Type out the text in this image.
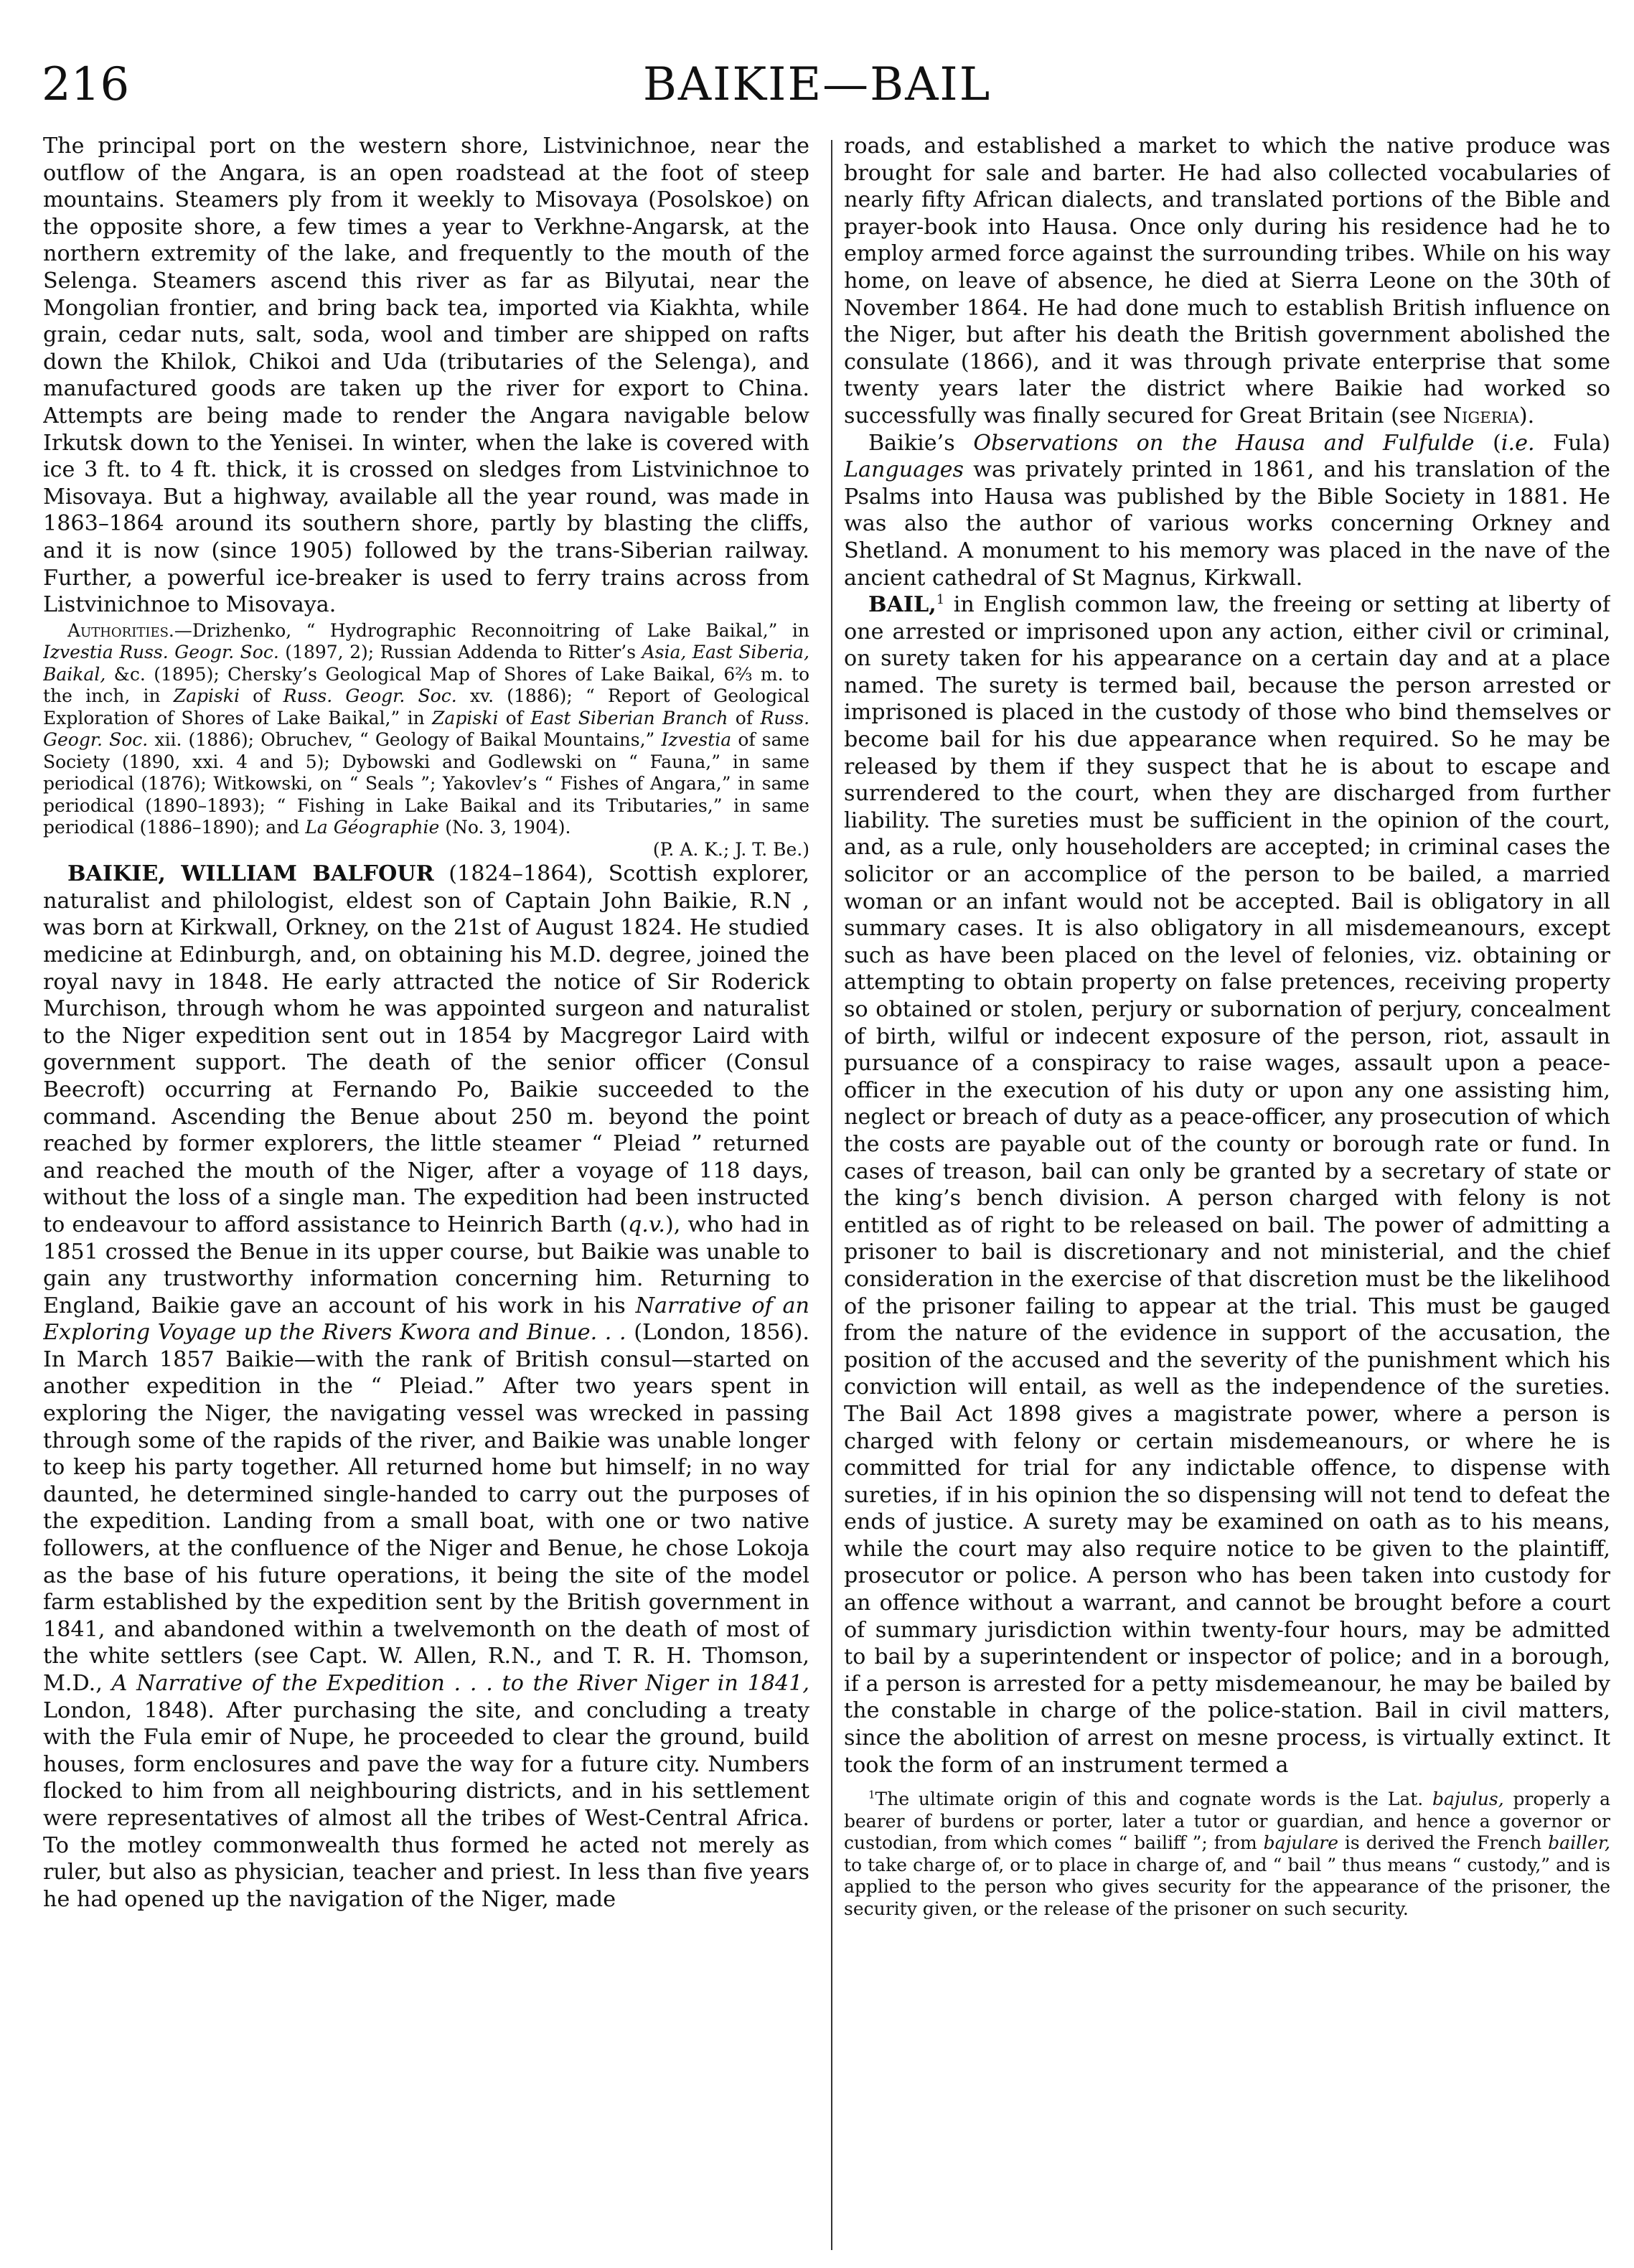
216	BAIKIE—BAIL

The principal port on the western shore, Listvinichnoe, near the outflow of the Angara, is an open roadstead at the foot of steep mountains. Steamers ply from it weekly to Misovaya (Posolskoe) on the opposite shore, a few times a year to Verkhne-Angarsk, at the northern extremity of the lake, and frequently to the mouth of the Selenga. Steamers ascend this river as far as Bilyutai, near the Mongolian frontier, and bring back tea, imported via Kiakhta, while grain, cedar nuts, salt, soda, wool and timber are shipped on rafts down the Khilok, Chikoi and Uda (tributaries of the Selenga), and manufactured goods are taken up the river for export to China. Attempts are being made to render the Angara navigable below Irkutsk down to the Yenisei. In winter, when the lake is covered with ice 3 ft. to 4 ft. thick, it is crossed on sledges from Listvinichnoe to Misovaya. But a highway, available all the year round, was made in 1863–1864 around its southern shore, partly by blasting the cliffs, and it is now (since 1905) followed by the trans-Siberian railway. Further, a powerful ice-breaker is used to ferry trains across from Listvinichnoe to Misovaya.

Authorities.—Drizhenko, “ Hydrographic Reconnoitring of Lake Baikal,” in Izvestia Russ. Geogr. Soc. (1897, 2); Russian Addenda to Ritter’s Asia, East Siberia, Baikal, &c. (1895); Chersky’s Geological Map of Shores of Lake Baikal, 6⅔ m. to the inch, in Zapiski of Russ. Geogr. Soc. xv. (1886); “ Report of Geological Exploration of Shores of Lake Baikal,” in Zapiski of East Siberian Branch of Russ. Geogr. Soc. xii. (1886); Obruchev, “ Geology of Baikal Mountains,” Izvestia of same Society (1890, xxi. 4 and 5); Dybowski and Godlewski on “ Fauna,” in same periodical (1876); Witkowski, on “ Seals ”; Yakovlev’s “ Fishes of Angara,” in same periodical (1890–1893); “ Fishing in Lake Baikal and its Tributaries,” in same periodical (1886–1890); and La Géographie (No. 3, 1904).

(P. A. K.; J. T. Be.)

BAIKIE, WILLIAM BALFOUR (1824–1864), Scottish explorer, naturalist and philologist, eldest son of Captain John Baikie, R.N , was born at Kirkwall, Orkney, on the 21st of August 1824. He studied medicine at Edinburgh, and, on obtaining his M.D. degree, joined the royal navy in 1848. He early attracted the notice of Sir Roderick Murchison, through whom he was appointed surgeon and naturalist to the Niger expedition sent out in 1854 by Macgregor Laird with government support. The death of the senior officer (Consul Beecroft) occurring at Fernando Po, Baikie succeeded to the command. Ascending the Benue about 250 m. beyond the point reached by former explorers, the little steamer “ Pleiad ” returned and reached the mouth of the Niger, after a voyage of 118 days, without the loss of a single man. The expedition had been instructed to endeavour to afford assistance to Heinrich Barth (q.v.), who had in 1851 crossed the Benue in its upper course, but Baikie was unable to gain any trustworthy information concerning him. Returning to England, Baikie gave an account of his work in his Narrative of an Exploring Voyage up the Rivers Kwora and Binue. . . (London, 1856). In March 1857 Baikie—with the rank of British consul—started on another expedition in the “ Pleiad.” After two years spent in exploring the Niger, the navigating vessel was wrecked in passing through some of the rapids of the river, and Baikie was unable longer to keep his party together. All returned home but himself; in no way daunted, he determined single-handed to carry out the purposes of the expedition. Landing from a small boat, with one or two native followers, at the confluence of the Niger and Benue, he chose Lokoja as the base of his future operations, it being the site of the model farm established by the expedition sent by the British government in 1841, and abandoned within a twelvemonth on the death of most of the white settlers (see Capt. W. Allen, R.N., and T. R. H. Thomson, M.D., A Narrative of the Expedition . . . to the River Niger in 1841, London, 1848). After purchasing the site, and concluding a treaty with the Fula emir of Nupe, he proceeded to clear the ground, build houses, form enclosures and pave the way for a future city. Numbers flocked to him from all neighbouring districts, and in his settlement were representatives of almost all the tribes of West-Central Africa. To the motley commonwealth thus formed he acted not merely as ruler, but also as physician, teacher and priest. In less than five years he had opened up the navigation of the Niger, made

roads, and established a market to which the native produce was brought for sale and barter. He had also collected vocabularies of nearly fifty African dialects, and translated portions of the Bible and prayer-book into Hausa. Once only during his residence had he to employ armed force against the surrounding tribes. While on his way home, on leave of absence, he died at Sierra Leone on the 30th of November 1864. He had done much to establish British influence on the Niger, but after his death the British government abolished the consulate (1866), and it was through private enterprise that some twenty years later the district where Baikie had worked so successfully was finally secured for Great Britain (see Nigeria).

Baikie’s Observations on the Hausa and Fulfulde (i.e. Fula) Languages was privately printed in 1861, and his translation of the Psalms into Hausa was published by the Bible Society in 1881. He was also the author of various works concerning Orkney and Shetland. A monument to his memory was placed in the nave of the ancient cathedral of St Magnus, Kirkwall.

BAIL,$^1$ in English common law, the freeing or setting at liberty of one arrested or imprisoned upon any action, either civil or criminal, on surety taken for his appearance on a certain day and at a place named. The surety is termed bail, because the person arrested or imprisoned is placed in the custody of those who bind themselves or become bail for his due appearance when required. So he may be released by them if they suspect that he is about to escape and surrendered to the court, when they are discharged from further liability. The sureties must be sufficient in the opinion of the court, and, as a rule, only householders are accepted; in criminal cases the solicitor or an accomplice of the person to be bailed, a married woman or an infant would not be accepted. Bail is obligatory in all summary cases. It is also obligatory in all misdemeanours, except such as have been placed on the level of felonies, viz. obtaining or attempting to obtain property on false pretences, receiving property so obtained or stolen, perjury or subornation of perjury, concealment of birth, wilful or indecent exposure of the person, riot, assault in pursuance of a conspiracy to raise wages, assault upon a peace-officer in the execution of his duty or upon any one assisting him, neglect or breach of duty as a peace-officer, any prosecution of which the costs are payable out of the county or borough rate or fund. In cases of treason, bail can only be granted by a secretary of state or the king’s bench division. A person charged with felony is not entitled as of right to be released on bail. The power of admitting a prisoner to bail is discretionary and not ministerial, and the chief consideration in the exercise of that discretion must be the likelihood of the prisoner failing to appear at the trial. This must be gauged from the nature of the evidence in support of the accusation, the position of the accused and the severity of the punishment which his conviction will entail, as well as the independence of the sureties. The Bail Act 1898 gives a magistrate power, where a person is charged with felony or certain misdemeanours, or where he is committed for trial for any indictable offence, to dispense with sureties, if in his opinion the so dispensing will not tend to defeat the ends of justice. A surety may be examined on oath as to his means, while the court may also require notice to be given to the plaintiff, prosecutor or police. A person who has been taken into custody for an offence without a warrant, and cannot be brought before a court of summary jurisdiction within twenty-four hours, may be admitted to bail by a superintendent or inspector of police; and in a borough, if a person is arrested for a petty misdemeanour, he may be bailed by the constable in charge of the police-station. Bail in civil matters, since the abolition of arrest on mesne process, is virtually extinct. It took the form of an instrument termed a

$^1$The ultimate origin of this and cognate words is the Lat. bajulus, properly a bearer of burdens or porter, later a tutor or guardian, and hence a governor or custodian, from which comes “ bailiff ”; from bajulare is derived the French bailler, to take charge of, or to place in charge of, and “ bail ” thus means “ custody,” and is applied to the person who gives security for the appearance of the prisoner, the security given, or the release of the prisoner on such security.
